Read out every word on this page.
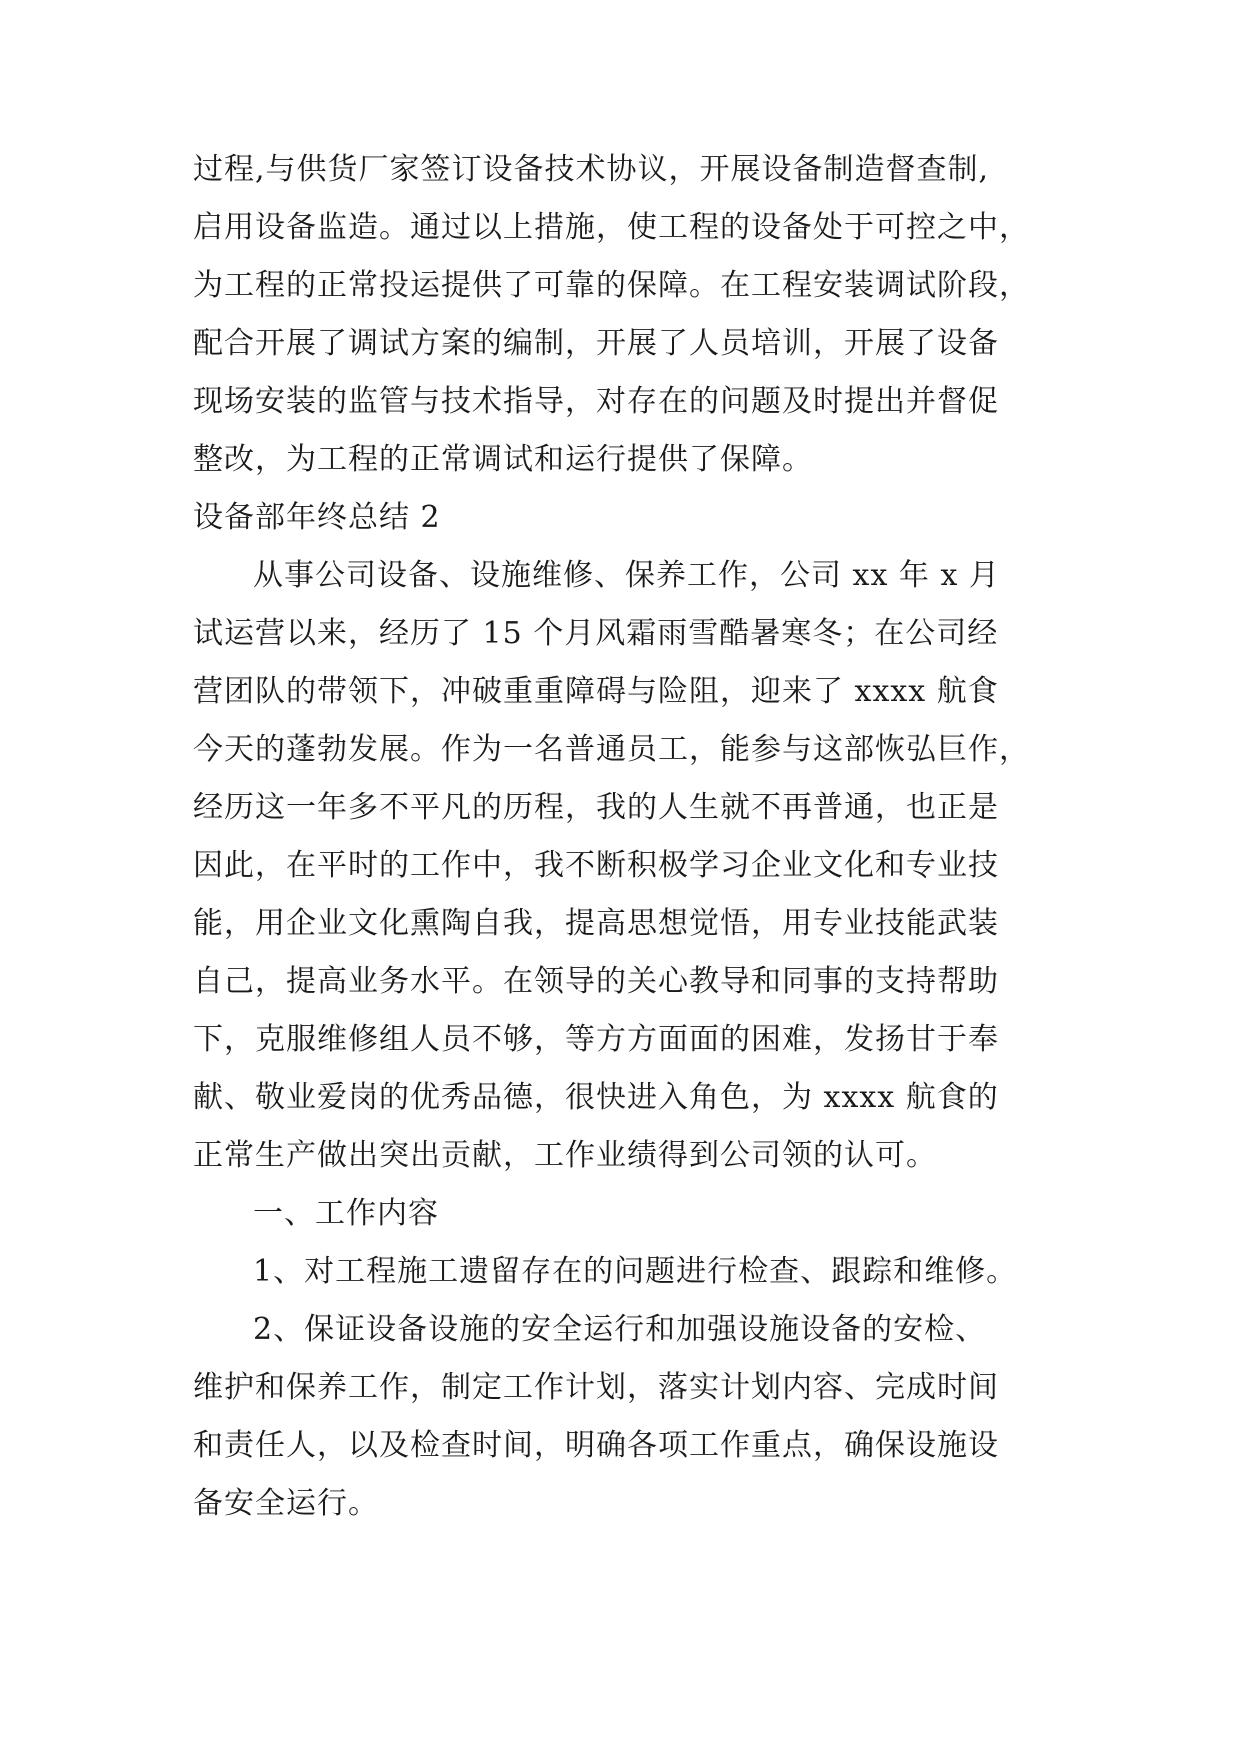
过程,与供货厂家签订设备技术协议，开展设备制造督查制,
启用设备监造。通过以上措施，使工程的设备处于可控之中，
为工程的正常投运提供了可靠的保障。在工程安装调试阶段，
配合开展了调试方案的编制，开展了人员培训，开展了设备
现场安装的监管与技术指导，对存在的问题及时提出并督促
整改，为工程的正常调试和运行提供了保障。
设备部年终总结 2
从事公司设备、设施维修、保养工作，公司 xx 年 x 月
试运营以来，经历了 15 个月风霜雨雪酷暑寒冬；在公司经
营团队的带领下，冲破重重障碍与险阻，迎来了 xxxx 航食
今天的蓬勃发展。作为一名普通员工，能参与这部恢弘巨作，
经历这一年多不平凡的历程，我的人生就不再普通，也正是
因此，在平时的工作中，我不断积极学习企业文化和专业技
能，用企业文化熏陶自我，提高思想觉悟，用专业技能武装
自己，提高业务水平。在领导的关心教导和同事的支持帮助
下，克服维修组人员不够，等方方面面的困难，发扬甘于奉
献、敬业爱岗的优秀品德，很快进入角色，为 xxxx 航食的
正常生产做出突出贡献，工作业绩得到公司领的认可。
一、工作内容
1、对工程施工遗留存在的问题进行检查、跟踪和维修。
2、保证设备设施的安全运行和加强设施设备的安检、
维护和保养工作，制定工作计划，落实计划内容、完成时间
和责任人，以及检查时间，明确各项工作重点，确保设施设
备安全运行。
